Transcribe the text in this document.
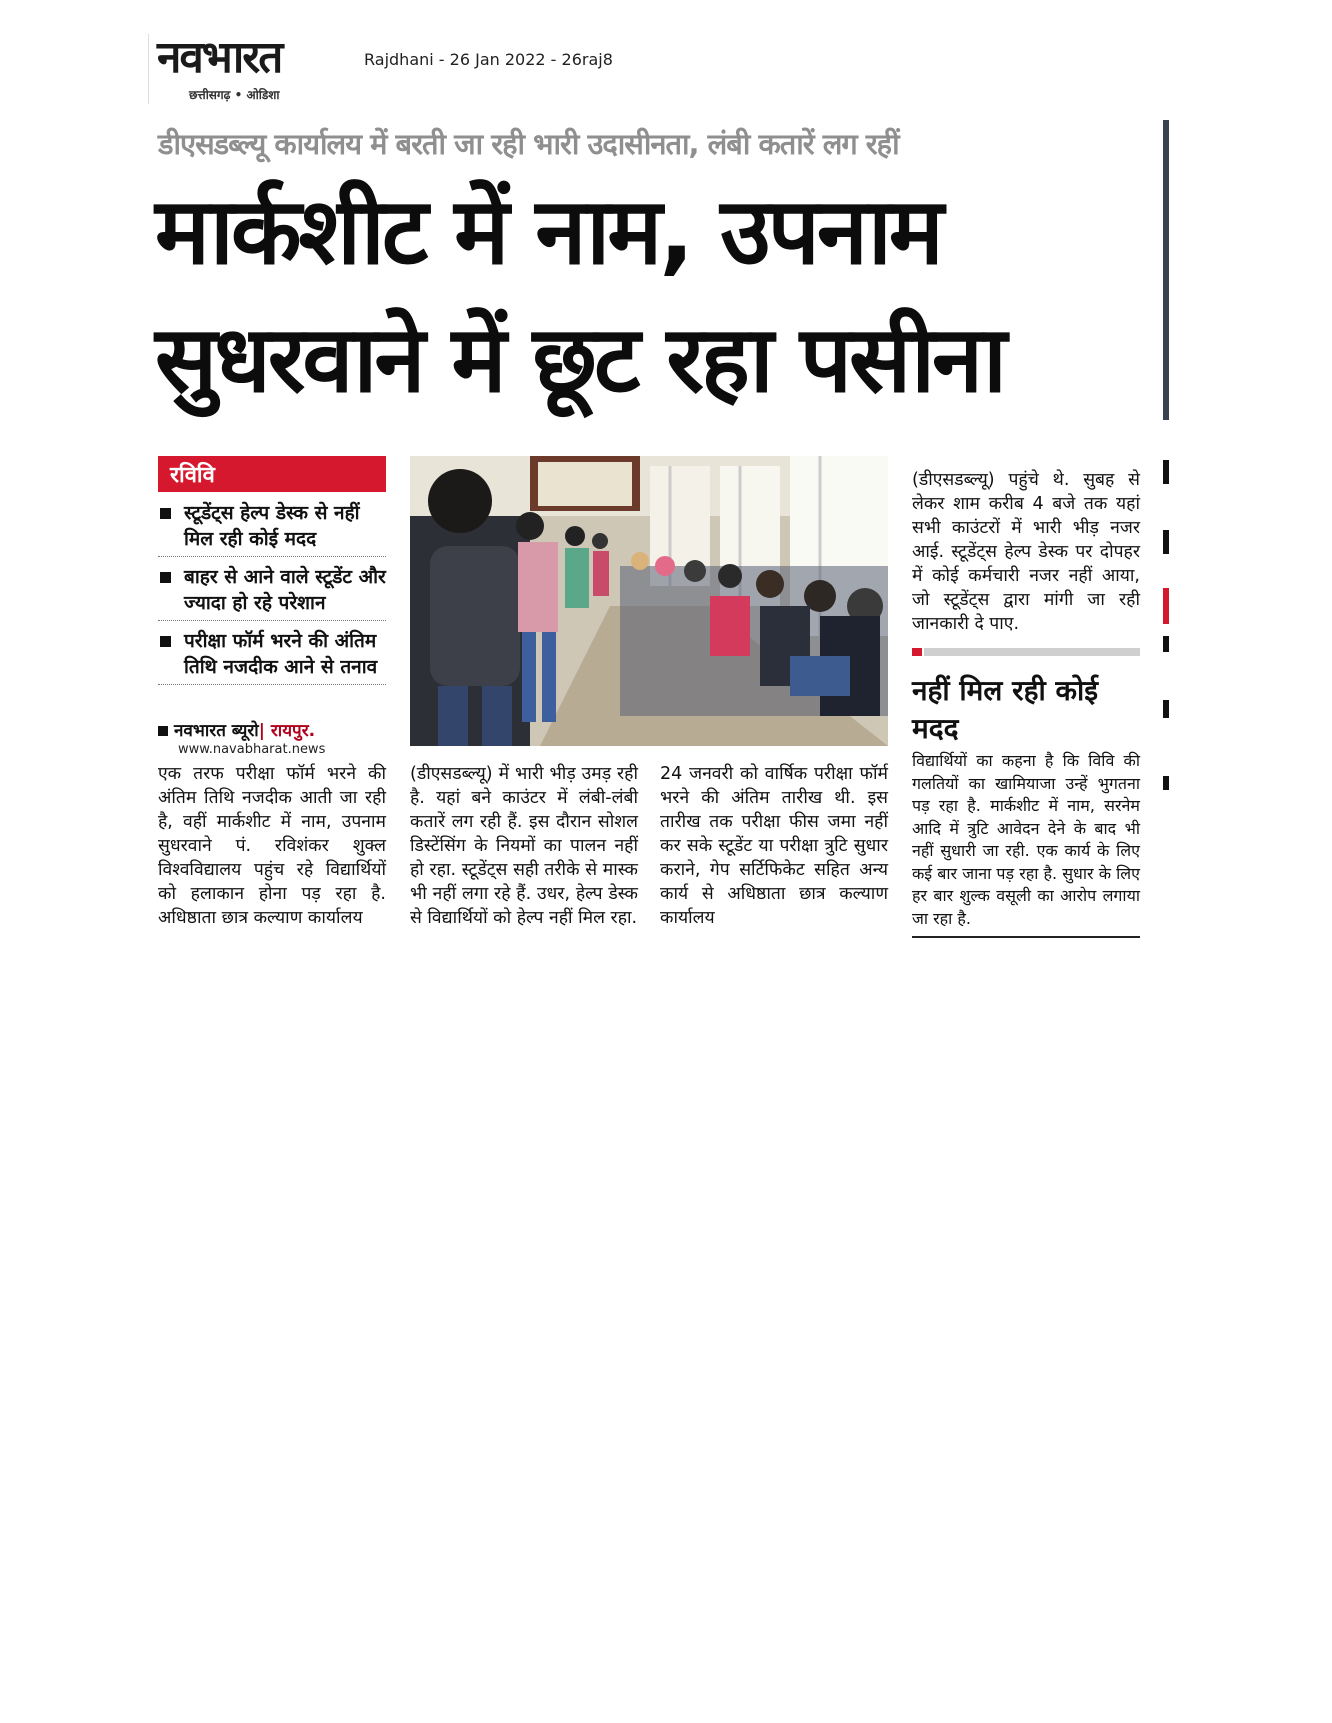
नवभारत
छत्तीसगढ़ • ओडिशा
Rajdhani - 26 Jan 2022 - 26raj8
डीएसडब्ल्यू कार्यालय में बरती जा रही भारी उदासीनता, लंबी कतारें लग रहीं
मार्कशीट में नाम, उपनाम
सुधरवाने में छूट रहा पसीना
रविवि
स्टूडेंट्स हेल्प डेस्क से नहीं मिल रही कोई मदद
बाहर से आने वाले स्टूडेंट और ज्यादा हो रहे परेशान
परीक्षा फॉर्म भरने की अंतिम तिथि नजदीक आने से तनाव
नवभारत ब्यूरो| रायपुर.
www.navabharat.news
एक तरफ परीक्षा फॉर्म भरने की अंतिम तिथि नजदीक आती जा रही है, वहीं मार्कशीट में नाम, उपनाम सुधरवाने पं. रविशंकर शुक्ल विश्वविद्यालय पहुंच रहे विद्यार्थियों को हलाकान होना पड़ रहा है. अधिष्ठाता छात्र कल्याण कार्यालय
(डीएसडब्ल्यू) में भारी भीड़ उमड़ रही है. यहां बने काउंटर में लंबी-लंबी कतारें लग रही हैं. इस दौरान सोशल डिस्टेंसिंग के नियमों का पालन नहीं हो रहा. स्टूडेंट्स सही तरीके से मास्क भी नहीं लगा रहे हैं. उधर, हेल्प डेस्क से विद्यार्थियों को हेल्प नहीं मिल रहा.
24 जनवरी को वार्षिक परीक्षा फॉर्म भरने की अंतिम तारीख थी. इस तारीख तक परीक्षा फीस जमा नहीं कर सके स्टूडेंट या परीक्षा त्रुटि सुधार कराने, गेप सर्टिफिकेट सहित अन्य कार्य से अधिष्ठाता छात्र कल्याण कार्यालय
(डीएसडब्ल्यू) पहुंचे थे. सुबह से लेकर शाम करीब 4 बजे तक यहां सभी काउंटरों में भारी भीड़ नजर आई. स्टूडेंट्स हेल्प डेस्क पर दोपहर में कोई कर्मचारी नजर नहीं आया, जो स्टूडेंट्स द्वारा मांगी जा रही जानकारी दे पाए.
नहीं मिल रही कोई मदद
विद्यार्थियों का कहना है कि विवि की गलतियों का खामियाजा उन्हें भुगतना पड़ रहा है. मार्कशीट में नाम, सरनेम आदि में त्रुटि आवेदन देने के बाद भी नहीं सुधारी जा रही. एक कार्य के लिए कई बार जाना पड़ रहा है. सुधार के लिए हर बार शुल्क वसूली का आरोप लगाया जा रहा है.
